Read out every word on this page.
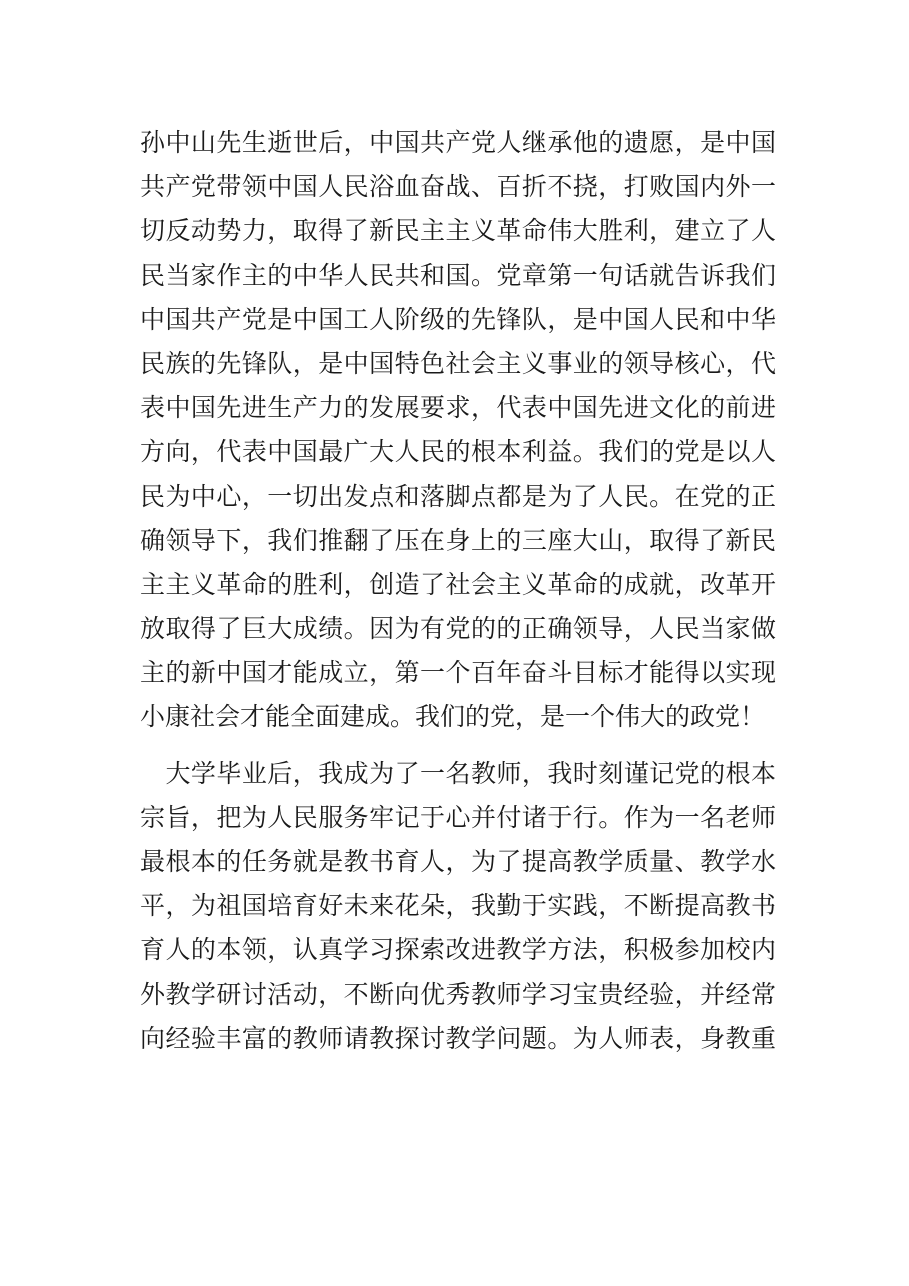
孙中山先生逝世后，中国共产党人继承他的遗愿，是中国
共产党带领中国人民浴血奋战、百折不挠，打败国内外一
切反动势力，取得了新民主主义革命伟大胜利，建立了人
民当家作主的中华人民共和国。党章第一句话就告诉我们
中国共产党是中国工人阶级的先锋队，是中国人民和中华
民族的先锋队，是中国特色社会主义事业的领导核心，代
表中国先进生产力的发展要求，代表中国先进文化的前进
方向，代表中国最广大人民的根本利益。我们的党是以人
民为中心，一切出发点和落脚点都是为了人民。在党的正
确领导下，我们推翻了压在身上的三座大山，取得了新民
主主义革命的胜利，创造了社会主义革命的成就，改革开
放取得了巨大成绩。因为有党的的正确领导，人民当家做
主的新中国才能成立，第一个百年奋斗目标才能得以实现
小康社会才能全面建成。我们的党，是一个伟大的政党！
　大学毕业后，我成为了一名教师，我时刻谨记党的根本
宗旨，把为人民服务牢记于心并付诸于行。作为一名老师
最根本的任务就是教书育人，为了提高教学质量、教学水
平，为祖国培育好未来花朵，我勤于实践，不断提高教书
育人的本领，认真学习探索改进教学方法，积极参加校内
外教学研讨活动，不断向优秀教师学习宝贵经验，并经常
向经验丰富的教师请教探讨教学问题。为人师表，身教重
